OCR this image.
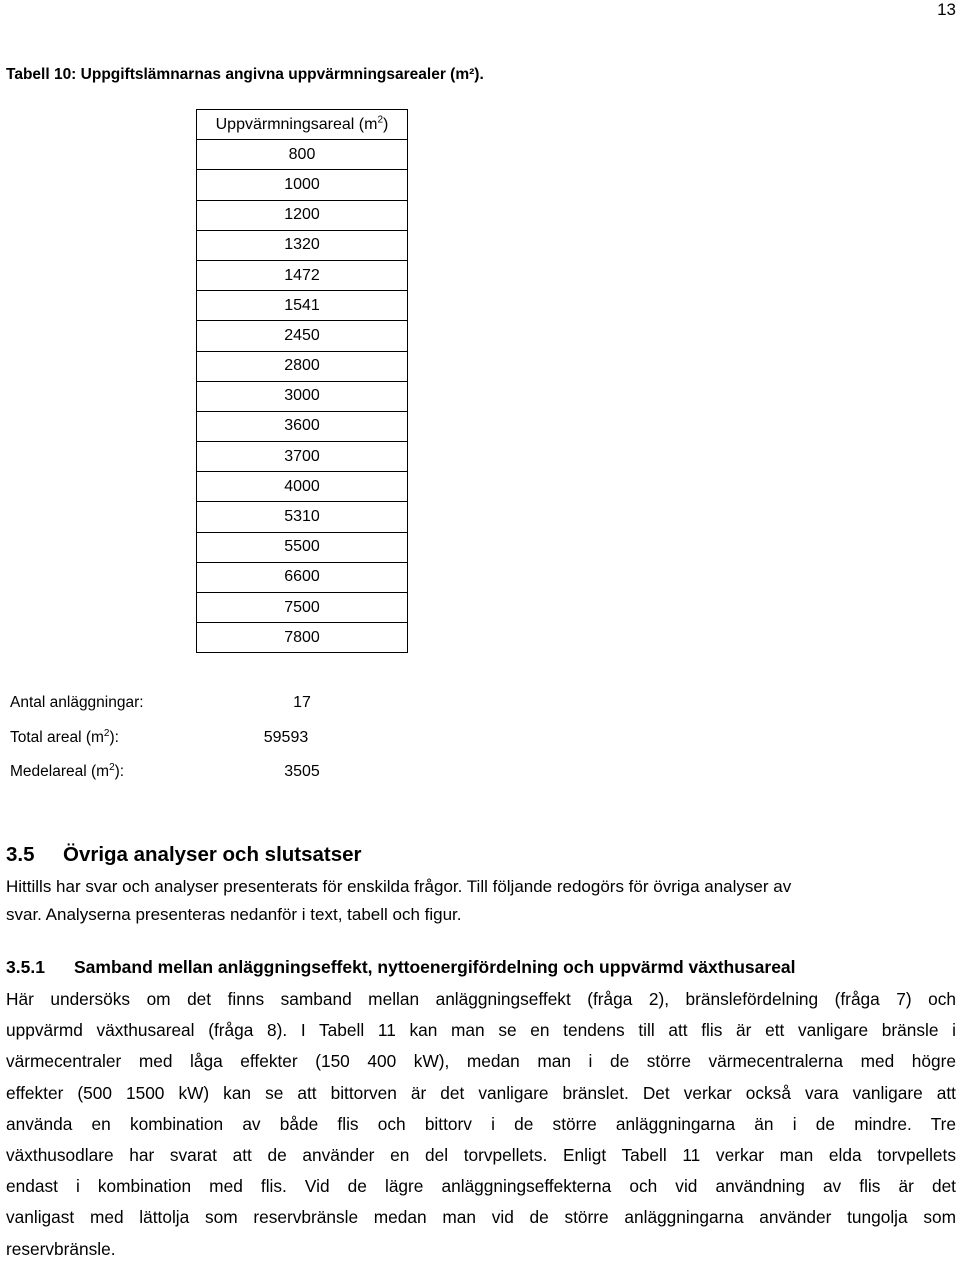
13
Tabell 10: Uppgiftslämnarnas angivna uppvärmningsarealer (m²).
Uppvärmningsareal $(m^2)$
800
1000
1200
1320
1472
1541
2450
2800
3000
3600
3700
4000
5310
5500
6600
7500
7800
Antal anläggningar:	17
Total areal $(m^2)$:	59593
Medelareal $(m^2)$:	3505
3.5 Övriga analyser och slutsatser
Hittills har svar och analyser presenterats för enskilda frågor. Till följande redogörs för övriga analyser av
svar. Analyserna presenteras nedanför i text, tabell och figur.
3.5.1 Samband mellan anläggningseffekt, nyttoenergifördelning och uppvärmd växthusareal
Här undersöks om det finns samband mellan anläggningseffekt (fråga 2), bränslefördelning (fråga 7) och
uppvärmd växthusareal (fråga 8). I Tabell 11 kan man se en tendens till att flis är ett vanligare bränsle i
värmecentraler med låga effekter (150 400 kW), medan man i de större värmecentralerna med högre
effekter (500 1500 kW) kan se att bittorven är det vanligare bränslet. Det verkar också vara vanligare att
använda en kombination av både flis och bittorv i de större anläggningarna än i de mindre. Tre
växthusodlare har svarat att de använder en del torvpellets. Enligt Tabell 11 verkar man elda torvpellets
endast i kombination med flis. Vid de lägre anläggningseffekterna och vid användning av flis är det
vanligast med lättolja som reservbränsle medan man vid de större anläggningarna använder tungolja som
reservbränsle.
